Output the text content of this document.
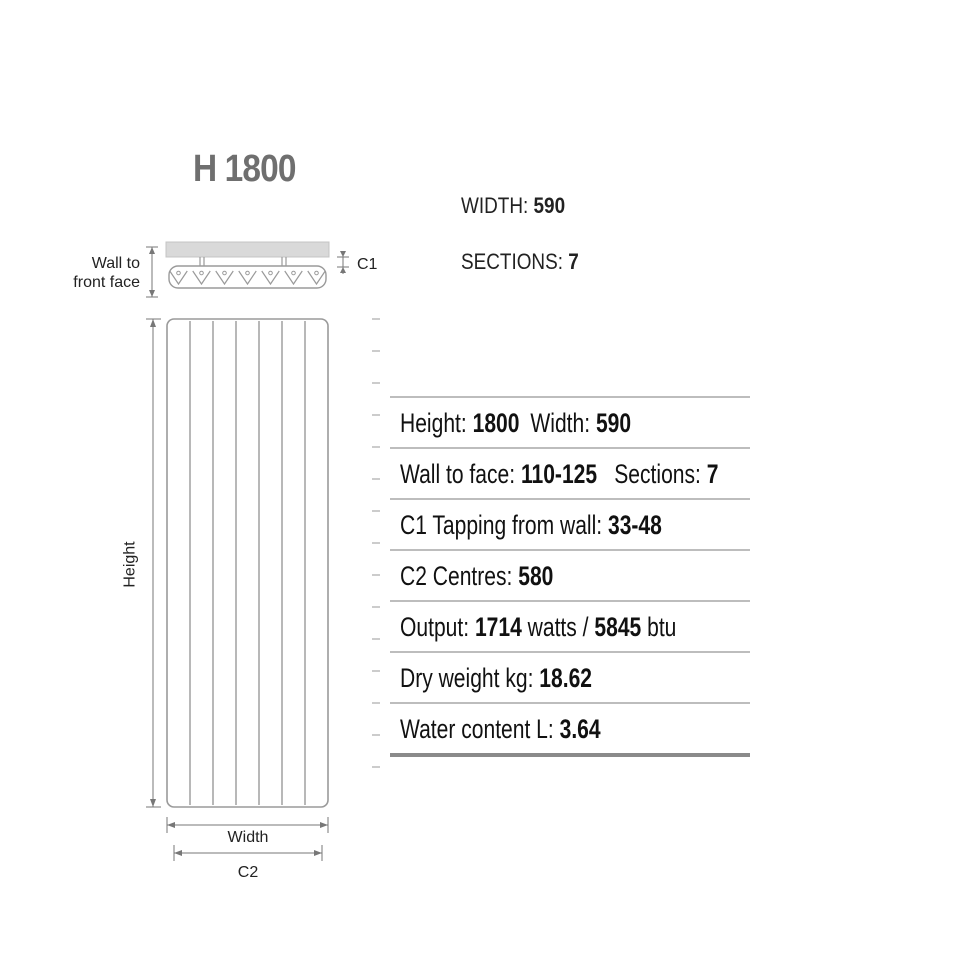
H 1800
WIDTH: 590
SECTIONS: 7
Wall to
front face
C1
Height
Width
C2
Height: 1800 Width: 590
Wall to face: 110-125 Sections: 7
C1 Tapping from wall: 33-48
C2 Centres: 580
Output: 1714 watts / 5845 btu
Dry weight kg: 18.62
Water content L: 3.64
